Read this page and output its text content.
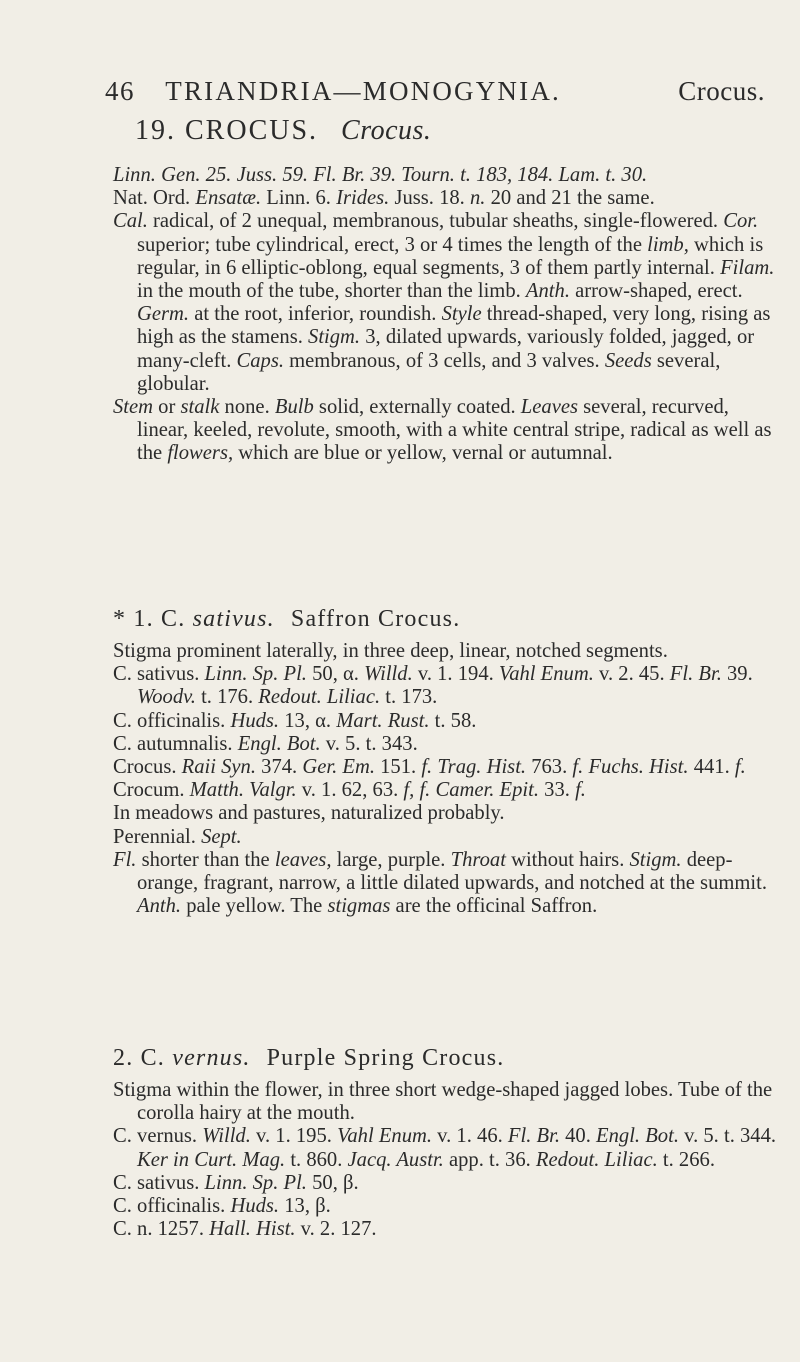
46 TRIANDRIA—MONOGYNIA.	Crocus.
19. CROCUS. Crocus.

Linn. Gen. 25. Juss. 59. Fl. Br. 39. Tourn. t. 183, 184. Lam. t. 30.

Nat. Ord. Ensatæ. Linn. 6. Irides. Juss. 18. n. 20 and 21 the same.

Cal. radical, of 2 unequal, membranous, tubular sheaths, single-flowered. Cor. superior; tube cylindrical, erect, 3 or 4 times the length of the limb, which is regular, in 6 elliptic-oblong, equal segments, 3 of them partly internal. Filam. in the mouth of the tube, shorter than the limb. Anth. arrow-shaped, erect. Germ. at the root, inferior, roundish. Style thread-shaped, very long, rising as high as the stamens. Stigm. 3, dilated upwards, variously folded, jagged, or many-cleft. Caps. membranous, of 3 cells, and 3 valves. Seeds several, globular.

Stem or stalk none. Bulb solid, externally coated. Leaves several, recurved, linear, keeled, revolute, smooth, with a white central stripe, radical as well as the flowers, which are blue or yellow, vernal or autumnal.

* 1. C. sativus. Saffron Crocus.

Stigma prominent laterally, in three deep, linear, notched segments.

C. sativus. Linn. Sp. Pl. 50, α. Willd. v. 1. 194. Vahl Enum. v. 2. 45. Fl. Br. 39. Woodv. t. 176. Redout. Liliac. t. 173.

C. officinalis. Huds. 13, α. Mart. Rust. t. 58.

C. autumnalis. Engl. Bot. v. 5. t. 343.

Crocus. Raii Syn. 374. Ger. Em. 151. f. Trag. Hist. 763. f. Fuchs. Hist. 441. f.

Crocum. Matth. Valgr. v. 1. 62, 63. f, f. Camer. Epit. 33. f.

In meadows and pastures, naturalized probably.

Perennial. Sept.

Fl. shorter than the leaves, large, purple. Throat without hairs. Stigm. deep-orange, fragrant, narrow, a little dilated upwards, and notched at the summit. Anth. pale yellow. The stigmas are the officinal Saffron.

2. C. vernus. Purple Spring Crocus.

Stigma within the flower, in three short wedge-shaped jagged lobes. Tube of the corolla hairy at the mouth.

C. vernus. Willd. v. 1. 195. Vahl Enum. v. 1. 46. Fl. Br. 40. Engl. Bot. v. 5. t. 344. Ker in Curt. Mag. t. 860. Jacq. Austr. app. t. 36. Redout. Liliac. t. 266.

C. sativus. Linn. Sp. Pl. 50, β.

C. officinalis. Huds. 13, β.

C. n. 1257. Hall. Hist. v. 2. 127.
